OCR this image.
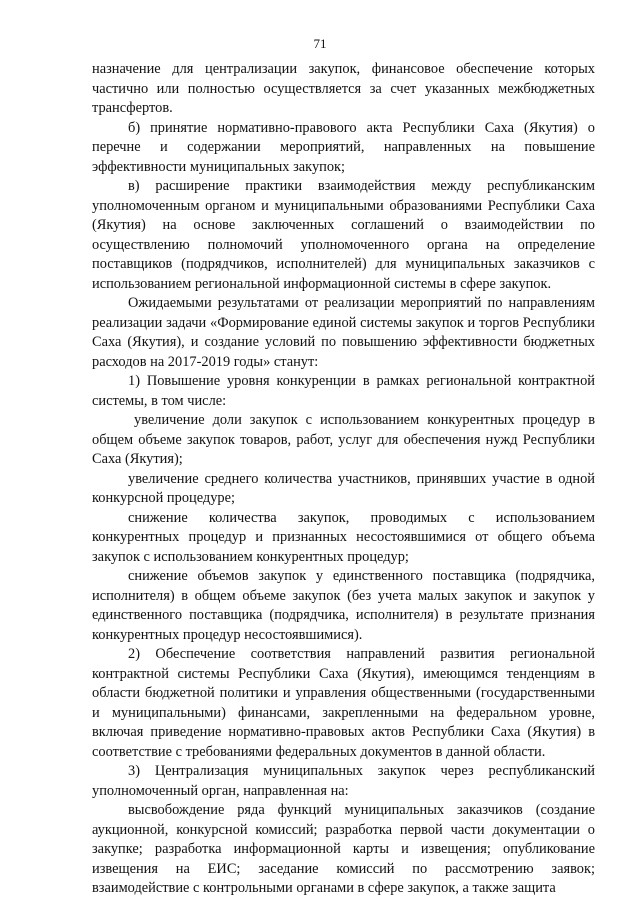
71

назначение для централизации закупок, финансовое обеспечение которых частично или полностью осуществляется за счет указанных межбюджетных трансфертов.

б) принятие нормативно-правового акта Республики Саха (Якутия) о перечне и содержании мероприятий, направленных на повышение эффективности муниципальных закупок;

в) расширение практики взаимодействия между республиканским уполномоченным органом и муниципальными образованиями Республики Саха (Якутия) на основе заключенных соглашений о взаимодействии по осуществлению полномочий уполномоченного органа на определение поставщиков (подрядчиков, исполнителей) для муниципальных заказчиков с использованием региональной информационной системы в сфере закупок.

Ожидаемыми результатами от реализации мероприятий по направлениям реализации задачи «Формирование единой системы закупок и торгов Республики Саха (Якутия), и создание условий по повышению эффективности бюджетных расходов на 2017-2019 годы» станут:

1) Повышение уровня конкуренции в рамках региональной контрактной системы, в том числе:

увеличение доли закупок с использованием конкурентных процедур в общем объеме закупок товаров, работ, услуг для обеспечения нужд Республики Саха (Якутия);

увеличение среднего количества участников, принявших участие в одной конкурсной процедуре;

снижение количества закупок, проводимых с использованием конкурентных процедур и признанных несостоявшимися от общего объема закупок с использованием конкурентных процедур;

снижение объемов закупок у единственного поставщика (подрядчика, исполнителя) в общем объеме закупок (без учета малых закупок и закупок у единственного поставщика (подрядчика, исполнителя) в результате признания конкурентных процедур несостоявшимися).

2) Обеспечение соответствия направлений развития региональной контрактной системы Республики Саха (Якутия), имеющимся тенденциям в области бюджетной политики и управления общественными (государственными и муниципальными) финансами, закрепленными на федеральном уровне, включая приведение нормативно-правовых актов Республики Саха (Якутия) в соответствие с требованиями федеральных документов в данной области.

3) Централизация муниципальных закупок через республиканский уполномоченный орган, направленная на:

высвобождение ряда функций муниципальных заказчиков (создание аукционной, конкурсной комиссий; разработка первой части документации о закупке; разработка информационной карты и извещения; опубликование извещения на ЕИС; заседание комиссий по рассмотрению заявок; взаимодействие с контрольными органами в сфере закупок, а также защита
